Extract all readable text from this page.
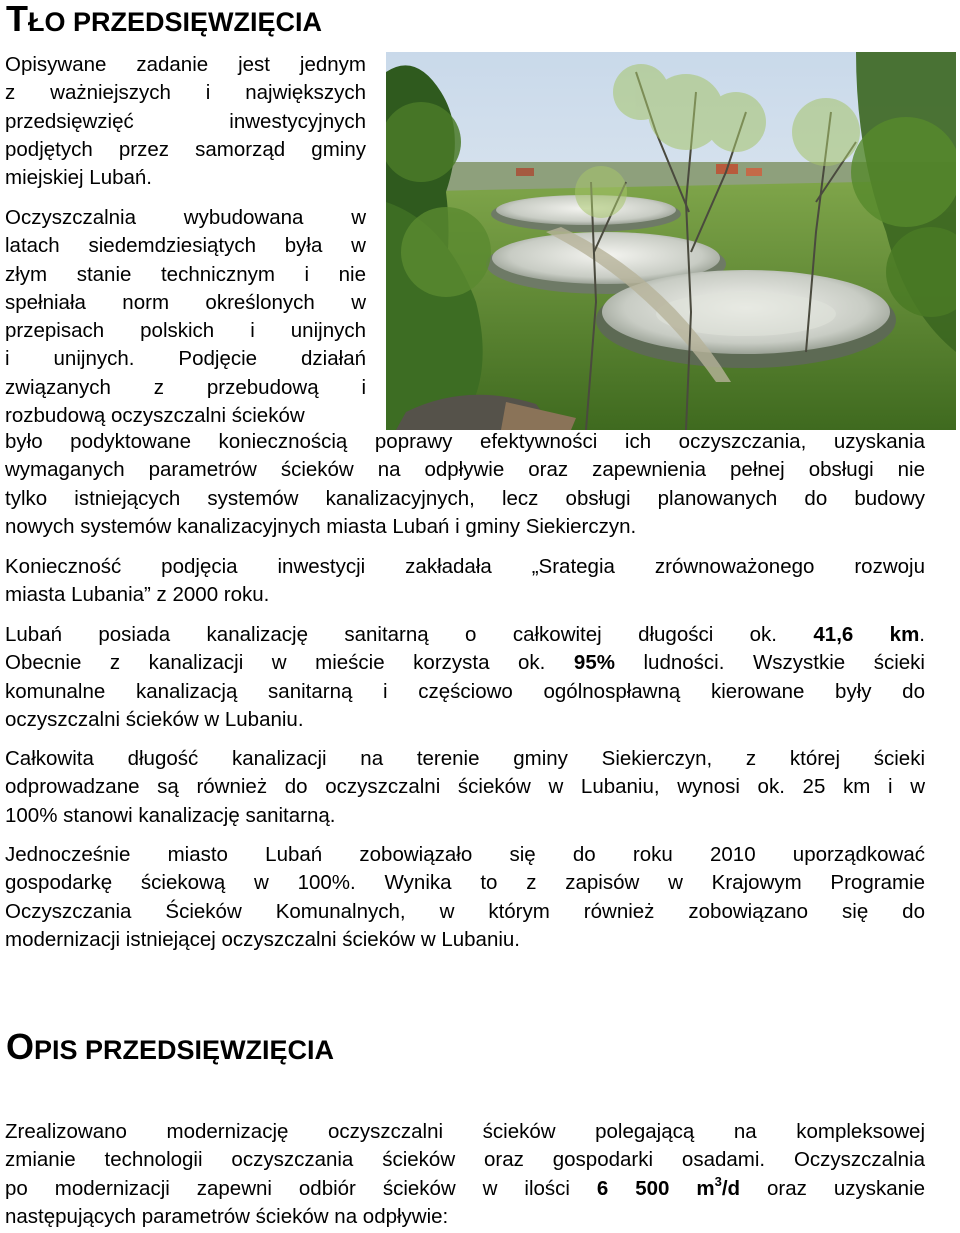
TŁO PRZEDSIĘWZIĘCIA
Opisywane zadanie jest jednym
z ważniejszych i największych
przedsięwzięć inwestycyjnych
podjętych przez samorząd gminy
miejskiej Lubań.
Oczyszczalnia wybudowana w
latach siedemdziesiątych była w
złym stanie technicznym i nie
spełniała norm określonych w
przepisach polskich i unijnych
i unijnych. Podjęcie działań
związanych z przebudową i
rozbudową oczyszczalni ścieków
było podyktowane koniecznością poprawy efektywności ich oczyszczania, uzyskania
wymaganych parametrów ścieków na odpływie oraz zapewnienia pełnej obsługi nie
tylko istniejących systemów kanalizacyjnych, lecz obsługi planowanych do budowy
nowych systemów kanalizacyjnych miasta Lubań i gminy Siekierczyn.
Konieczność podjęcia inwestycji zakładała „Srategia zrównoważonego rozwoju
miasta Lubania” z 2000 roku.
Lubań posiada kanalizację sanitarną o całkowitej długości ok. 41,6 km.
Obecnie z kanalizacji w mieście korzysta ok. 95% ludności. Wszystkie ścieki
komunalne kanalizacją sanitarną i częściowo ogólnospławną kierowane były do
oczyszczalni ścieków w Lubaniu.
Całkowita długość kanalizacji na terenie gminy Siekierczyn, z której ścieki
odprowadzane są również do oczyszczalni ścieków w Lubaniu, wynosi ok. 25 km i w
100% stanowi kanalizację sanitarną.
Jednocześnie miasto Lubań zobowiązało się do roku 2010 uporządkować
gospodarkę ściekową w 100%. Wynika to z zapisów w Krajowym Programie
Oczyszczania Ścieków Komunalnych, w którym również zobowiązano się do
modernizacji istniejącej oczyszczalni ścieków w Lubaniu.
OPIS PRZEDSIĘWZIĘCIA
Zrealizowano modernizację oczyszczalni ścieków polegającą na kompleksowej
zmianie technologii oczyszczania ścieków oraz gospodarki osadami. Oczyszczalnia
po modernizacji zapewni odbiór ścieków w ilości 6 500 $m^3/d$ oraz uzyskanie
następujących parametrów ścieków na odpływie:
